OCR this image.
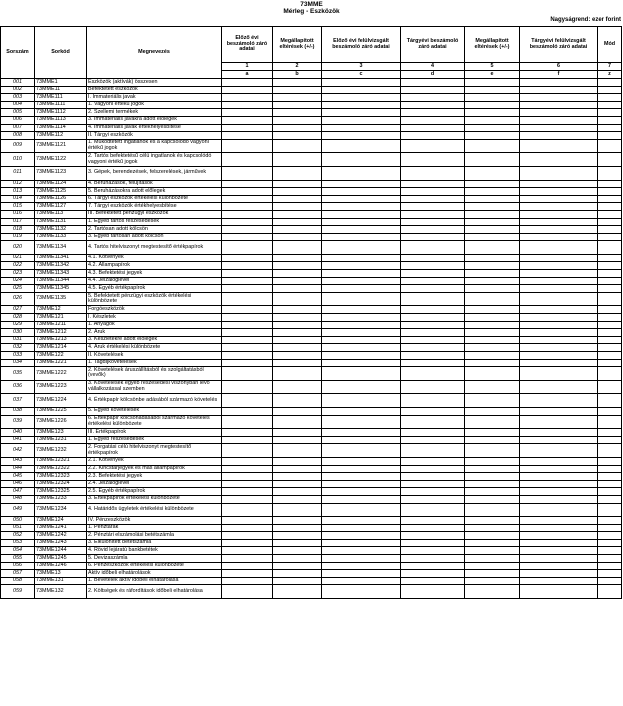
73MME
Mérleg - Eszközök
Nagyságrend: ezer forint
Sorszám	Sorkód	Megnevezés	Előző évi beszámoló záró adatai	Megállapított eltérések (+/-)	Előző évi felülvizsgált beszámoló záró adatai	Tárgyévi beszámoló záró adatai	Megállapított eltérések (+/-)	Tárgyévi felülvizsgált beszámoló záró adatai	Mód
			1	2	3	4	5	6	7
			a	b	c	d	e	f	z
001	73MME1	Eszközök (aktívák) összesen							
002	73MME11	Befektetett eszközök							
003	73MME111	I. Immateriális javak							
004	73MME1111	1. Vagyoni értékű jogok							
005	73MME1112	2. Szellemi termékek							
006	73MME1113	3. Immateriális javakra adott előlegek							
007	73MME1114	4. Immateriális javak értékhelyesbítése							
008	73MME112	II. Tárgyi eszközök							
009	73MME1121	1. Működtetett ingatlanok és a kapcsolódó vagyoni értékű jogok							
010	73MME1122	2. Tartós befektetésű célú ingatlanok és kapcsolódó vagyoni értékű jogok							
011	73MME1123	3. Gépek, berendezések, felszerelések, járművek							
012	73MME1124	4. Beruházások, felújítások							
013	73MME1125	5. Beruházásokra adott előlegek							
014	73MME1126	6. Tárgyi eszközök értékelési különbözete							
015	73MME1127	7. Tárgyi eszközök értékhelyesbítése							
016	73MME113	III. Befektetett pénzügyi eszközök							
017	73MME1131	1. Egyéb tartós részesedések							
018	73MME1132	2. Tartósan adott kölcsön							
019	73MME1133	3. Egyéb tartósan adott kölcsön							
020	73MME1134	4. Tartós hitelviszonyt megtestesítő értékpapírok							
021	73MME11341	4.1. Kötvények							
022	73MME11342	4.2. Állampapírok							
023	73MME11343	4.3. Befektetési jegyek							
024	73MME11344	4.4. Jelzáloglevél							
025	73MME11345	4.5. Egyéb értékpapírok							
026	73MME1135	5. Befektetett pénzügyi eszközök értékelési különbözete							
027	73MME12	Forgóeszközök							
028	73MME121	I. Készletek							
029	73MME1211	1. Anyagok							
030	73MME1212	2. Áruk							
031	73MME1213	3. Készletekre adott előlegek							
032	73MME1214	4. Áruk értékelési különbözete							
033	73MME122	II. Követelések							
034	73MME1221	1. Tagdíjkövetelések							
035	73MME1222	2. Követelések áruszállításból és szolgáltatásból (vevők)							
036	73MME1223	3. Követelések egyéb részesedési viszonyban lévő vállalkozással szemben							
037	73MME1224	4. Értékpapír kölcsönbe adásából származó követelés							
038	73MME1225	5. Egyéb követelések							
039	73MME1226	6. Értékpapír kölcsönadásából származó követelés értékelési különbözete							
040	73MME123	III. Értékpapírok							
041	73MME1231	1. Egyéb részesedések							
042	73MME1232	2. Forgatási célú hitelviszonyt megtestesítő értékpapírok							
043	73MME12321	2.1. Kötvények							
044	73MME12322	2.2. Kincstárjegyek és más állampapírok							
045	73MME12323	2.3. Befektetési jegyek							
046	73MME12324	2.4. Jelzáloglevél							
047	73MME12325	2.5. Egyéb értékpapírok							
048	73MME1233	3. Értékpapírok értékelési különbözete							
049	73MME1234	4. Határidős ügyletek értékelési különbözete							
050	73MME124	IV. Pénzeszközök							
051	73MME1241	1. Pénztárak							
052	73MME1242	2. Pénztári elszámolási betétszámla							
053	73MME1243	3. Elkülönített betétszámla							
054	73MME1244	4. Rövid lejáratú bankbetétek							
055	73MME1245	5. Devizaszámla							
056	73MME1246	6. Pénzeszközök értékelési különbözete							
057	73MME13	Aktív időbeli elhatárolások							
058	73MME131	1. Bevételek aktív időbeli elhatárolása							
059	73MME132	2. Költségek és ráfordítások időbeli elhatárolása							
